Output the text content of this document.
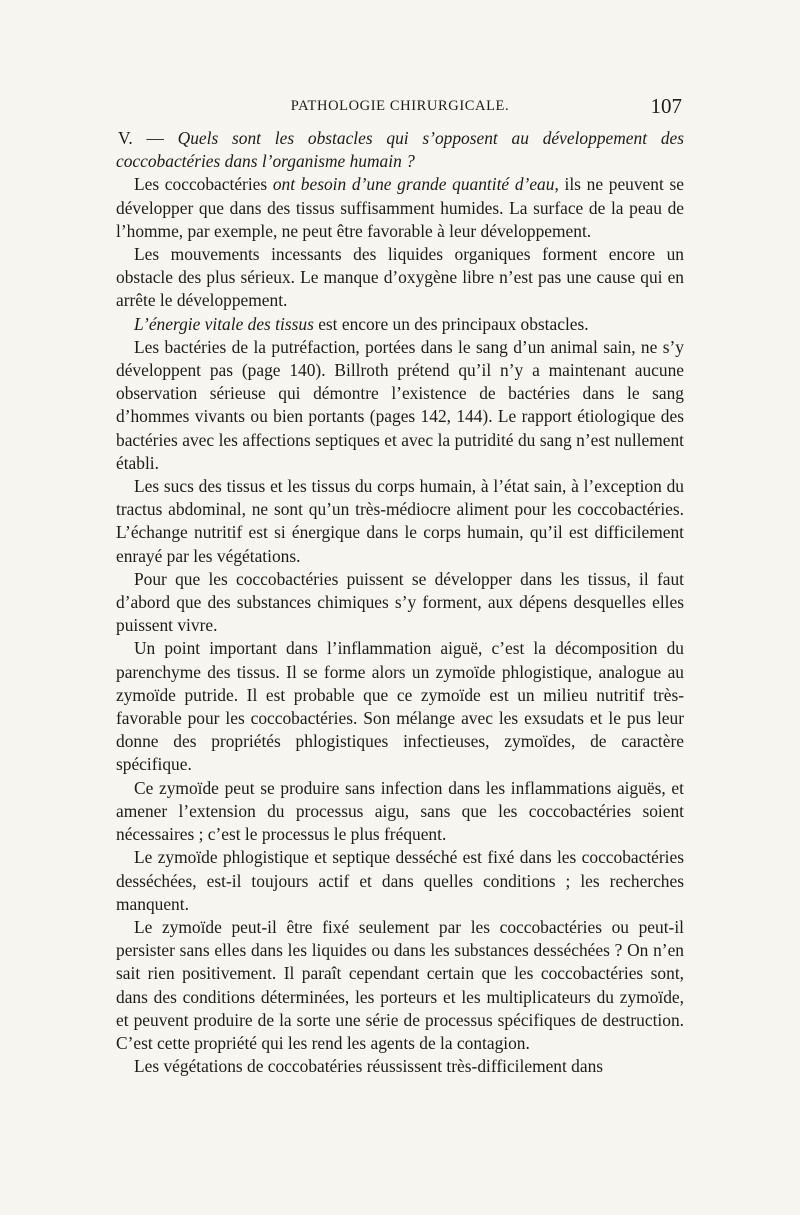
PATHOLOGIE CHIRURGICALE.	107

V. — Quels sont les obstacles qui s’opposent au développement des coccobactéries dans l’organisme humain ?

Les coccobactéries ont besoin d’une grande quantité d’eau, ils ne peuvent se développer que dans des tissus suffisamment humides. La surface de la peau de l’homme, par exemple, ne peut être favorable à leur développement.

Les mouvements incessants des liquides organiques forment encore un obstacle des plus sérieux. Le manque d’oxygène libre n’est pas une cause qui en arrête le développement.

L’énergie vitale des tissus est encore un des principaux obstacles.

Les bactéries de la putréfaction, portées dans le sang d’un animal sain, ne s’y développent pas (page 140). Billroth prétend qu’il n’y a maintenant aucune observation sérieuse qui démontre l’existence de bactéries dans le sang d’hommes vivants ou bien portants (pages 142, 144). Le rapport étiologique des bactéries avec les affections septiques et avec la putridité du sang n’est nullement établi.

Les sucs des tissus et les tissus du corps humain, à l’état sain, à l’exception du tractus abdominal, ne sont qu’un très-médiocre aliment pour les coccobactéries. L’échange nutritif est si énergique dans le corps humain, qu’il est difficilement enrayé par les végétations.

Pour que les coccobactéries puissent se développer dans les tissus, il faut d’abord que des substances chimiques s’y forment, aux dépens desquelles elles puissent vivre.

Un point important dans l’inflammation aiguë, c’est la décomposition du parenchyme des tissus. Il se forme alors un zymoïde phlogistique, analogue au zymoïde putride. Il est probable que ce zymoïde est un milieu nutritif très-favorable pour les coccobactéries. Son mélange avec les exsudats et le pus leur donne des propriétés phlogistiques infectieuses, zymoïdes, de caractère spécifique.

Ce zymoïde peut se produire sans infection dans les inflammations aiguës, et amener l’extension du processus aigu, sans que les coccobactéries soient nécessaires ; c’est le processus le plus fréquent.

Le zymoïde phlogistique et septique desséché est fixé dans les coccobactéries desséchées, est-il toujours actif et dans quelles conditions ; les recherches manquent.

Le zymoïde peut-il être fixé seulement par les coccobactéries ou peut-il persister sans elles dans les liquides ou dans les substances desséchées ? On n’en sait rien positivement. Il paraît cependant certain que les coccobactéries sont, dans des conditions déterminées, les porteurs et les multiplicateurs du zymoïde, et peuvent produire de la sorte une série de processus spécifiques de destruction. C’est cette propriété qui les rend les agents de la contagion.

Les végétations de coccobatéries réussissent très-difficilement dans
